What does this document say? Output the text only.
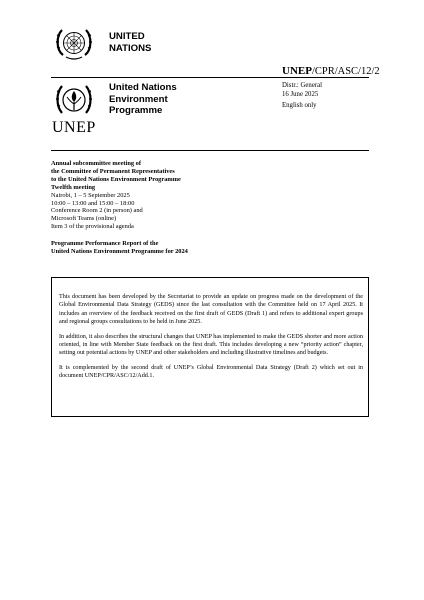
UNITED
NATIONS
UNEP/CPR/ASC/12/2
UNEP
United Nations
Environment
Programme
Distr.: General
16 June 2025
English only
Annual subcommittee meeting of
the Committee of Permanent Representatives
to the United Nations Environment Programme
Twelfth meeting
Nairobi, 1 – 5 September 2025
10:00 – 13:00 and 15:00 – 18:00
Conference Room 2 (in person) and
Microsoft Teams (online)
Item 3 of the provisional agenda
Programme Performance Report of the
United Nations Environment Programme for 2024

This document has been developed by the Secretariat to provide an update on progress made on the development of the Global Environmental Data Strategy (GEDS) since the last consultation with the Committee held on 17 April 2025. It includes an overview of the feedback received on the first draft of GEDS (Draft 1) and refers to additional expert groups and regional groups consultations to be held in June 2025.

In addition, it also describes the structural changes that UNEP has implemented to make the GEDS shorter and more action oriented, in line with Member State feedback on the first draft. This includes developing a new “priority action” chapter, setting out potential actions by UNEP and other stakeholders and including illustrative timelines and budgets.

It is complemented by the second draft of UNEP’s Global Environmental Data Strategy (Draft 2) which set out in document UNEP/CPR/ASC/12/Add.1.
